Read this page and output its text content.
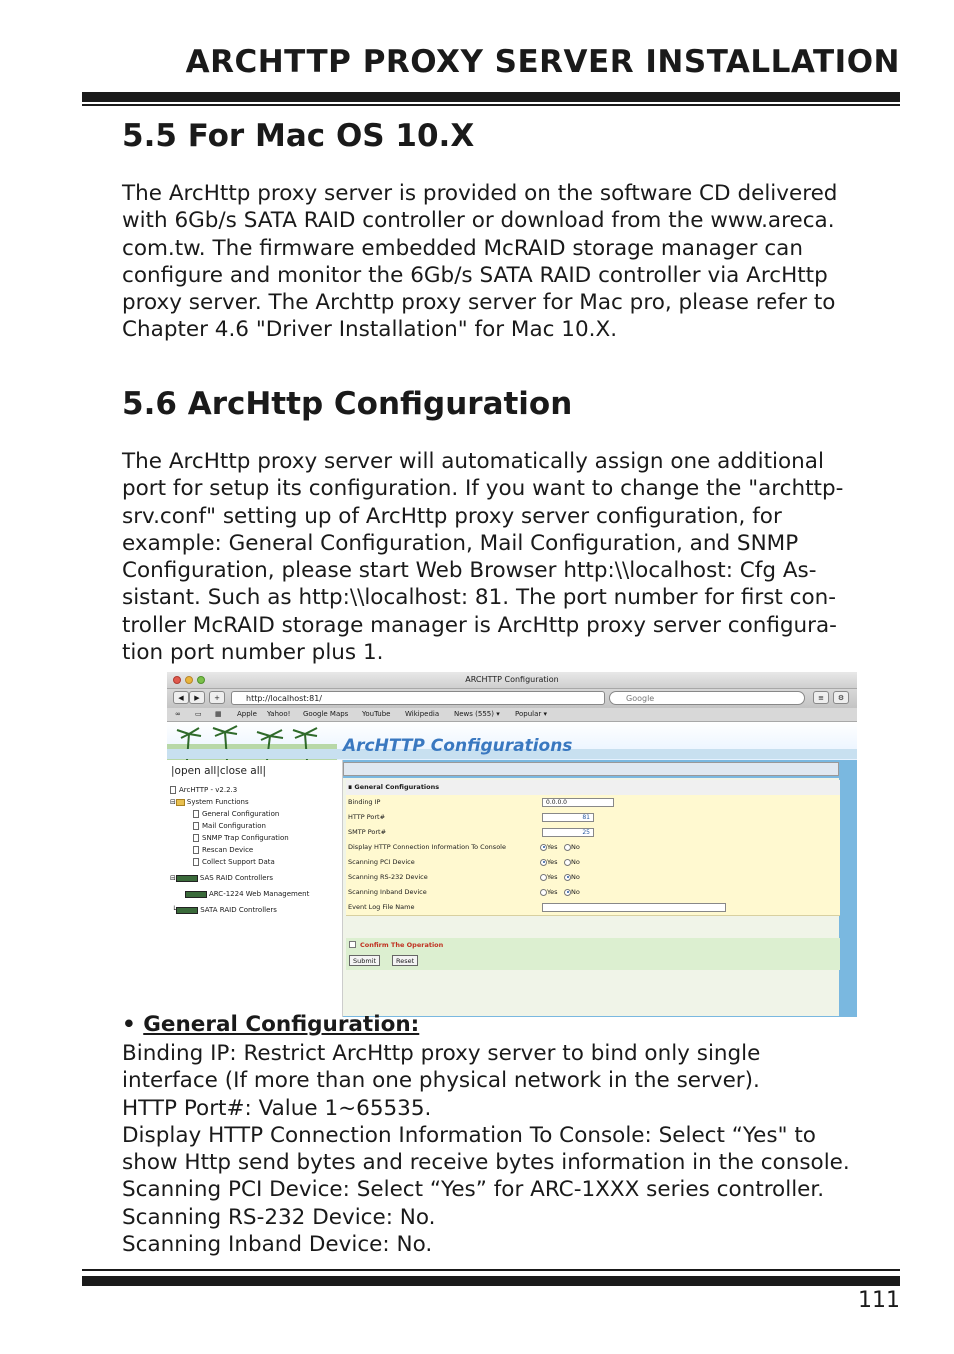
ARCHTTP PROXY SERVER INSTALLATION
5.5 For Mac OS 10.X

The ArcHttp proxy server is provided on the software CD delivered
with 6Gb/s SATA RAID controller or download from the www.areca.
com.tw. The firmware embedded McRAID storage manager can
configure and monitor the 6Gb/s SATA RAID controller via ArcHttp
proxy server. The Archttp proxy server for Mac pro, please refer to
Chapter 4.6 "Driver Installation" for Mac 10.X.

5.6 ArcHttp Configuration

The ArcHttp proxy server will automatically assign one additional
port for setup its configuration. If you want to change the "archttp-
srv.conf" setting up of ArcHttp proxy server configuration, for
example: General Configuration, Mail Configuration, and SNMP
Configuration, please start Web Browser http:\\localhost: Cfg As-
sistant. Such as http:\\localhost: 81. The port number for first con-
troller McRAID storage manager is ArcHttp proxy server configura-
tion port number plus 1.

ARCHTTP Configuration
◀	▶	+	http://localhost:81/	Google	≡	⚙
∞ ▭ ▦ Apple Yahoo! Google Maps YouTube Wikipedia News (555) ▾ Popular ▾
ArcHTTP Configurations
|open all|close all|
ArcHTTP - v2.2.3
⊟ System Functions
General Configuration
Mail Configuration
SNMP Trap Configuration
Rescan Device
Collect Support Data
⊟	SAS RAID Controllers
ARC-1224 Web Management
└	SATA RAID Controllers
∎ General Configurations
Binding IP	0.0.0.0
HTTP Port#	81
SMTP Port#	25
Display HTTP Connection Information To Console	Yes	No
Scanning PCI Device	Yes	No
Scanning RS-232 Device	Yes	No
Scanning Inband Device	Yes	No
Event Log File Name
Confirm The Operation
Submit	Reset
• General Configuration:

Binding IP: Restrict ArcHttp proxy server to bind only single
interface (If more than one physical network in the server).
HTTP Port#: Value 1~65535.
Display HTTP Connection Information To Console: Select “Yes" to
show Http send bytes and receive bytes information in the console.
Scanning PCI Device: Select “Yes” for ARC-1XXX series controller.
Scanning RS-232 Device: No.
Scanning Inband Device: No.

111
